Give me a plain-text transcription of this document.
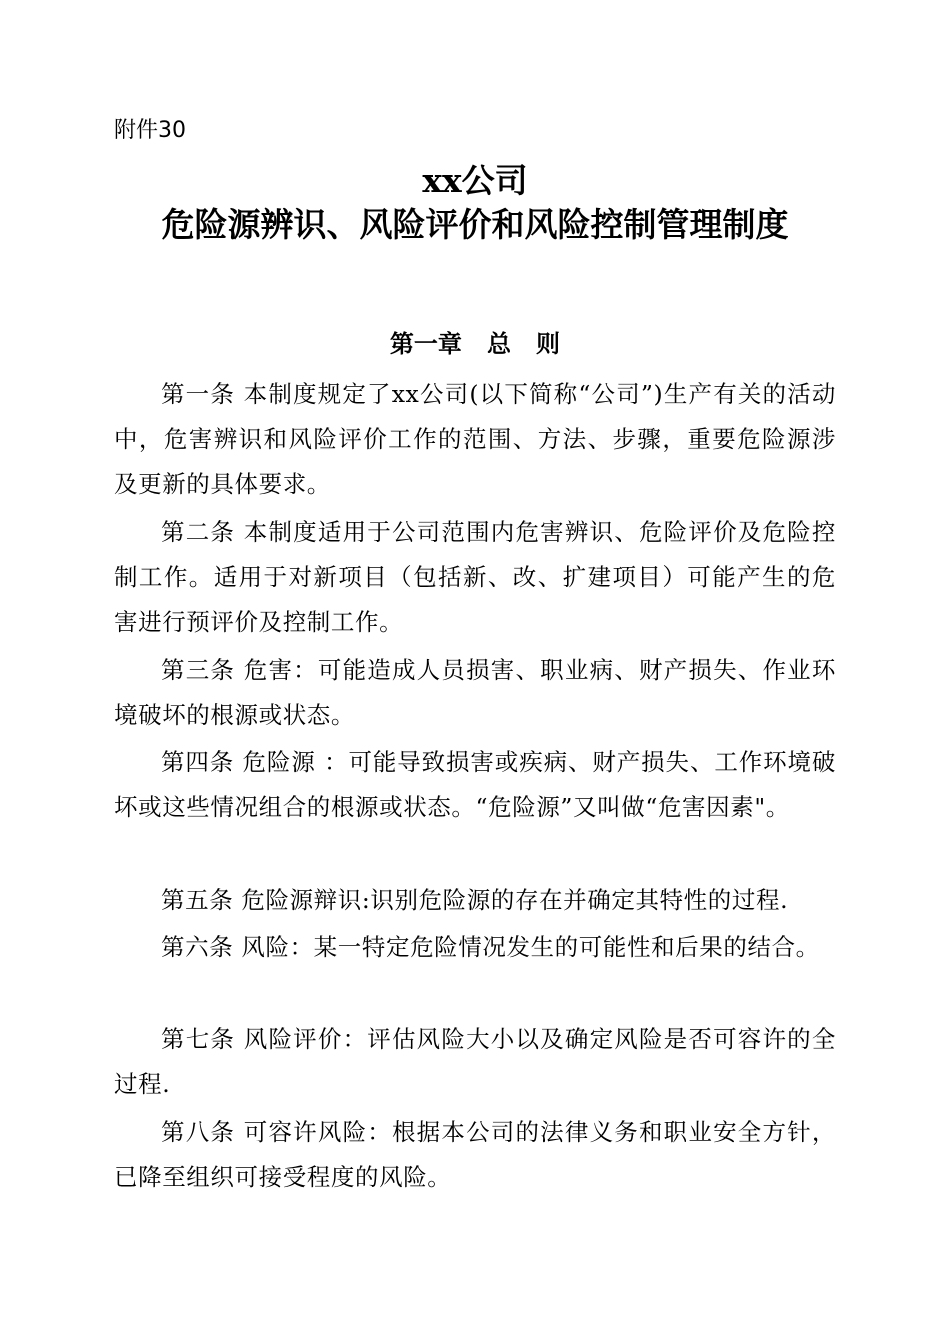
附件30
xx公司
危险源辨识、风险评价和风险控制管理制度
第一章   总   则

第一条 本制度规定了xx公司(以下简称“公司”)生产有关的活动中，危害辨识和风险评价工作的范围、方法、步骤，重要危险源涉及更新的具体要求。

第二条 本制度适用于公司范围内危害辨识、危险评价及危险控制工作。适用于对新项目（包括新、改、扩建项目）可能产生的危害进行预评价及控制工作。

第三条 危害：可能造成人员损害、职业病、财产损失、作业环境破坏的根源或状态。

第四条 危险源 ：可能导致损害或疾病、财产损失、工作环境破坏或这些情况组合的根源或状态。“危险源”又叫做“危害因素"。

第五条 危险源辩识:识别危险源的存在并确定其特性的过程.

第六条 风险：某一特定危险情况发生的可能性和后果的结合。

第七条 风险评价：评估风险大小以及确定风险是否可容许的全过程.

第八条 可容许风险：根据本公司的法律义务和职业安全方针，已降至组织可接受程度的风险。
